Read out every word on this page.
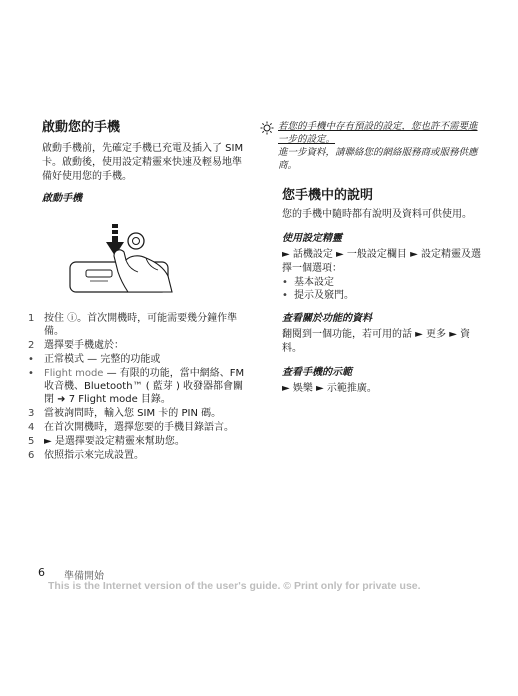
啟動您的手機
啟動手機前，先確定手機已充電及插入了 SIM 卡。啟動後，使用設定精靈來快速及輕易地準備好使用您的手機。
啟動手機
1 按住 ⓘ。首次開機時，可能需要幾分鐘作準備。
2 選擇要手機處於：
•	正常模式 — 完整的功能或
•	Flight mode — 有限的功能，當中網絡、FM 收音機、Bluetooth™ ( 藍芽 ) 收發器都會關閉 ➜ 7 Flight mode 目錄。
3 當被詢問時，輸入您 SIM 卡的 PIN 碼。
4 在首次開機時，選擇您要的手機目錄語言。
5 ► 是選擇要設定精靈來幫助您。
6 依照指示來完成設置。
若您的手機中存有預設的設定，您也許不需要進一步的設定。
進一步資料，請聯絡您的網絡服務商或服務供應商。
您手機中的說明
您的手機中隨時都有說明及資料可供使用。
使用設定精靈
► 話機設定 ► 一般設定欄目 ► 設定精靈及選擇一個選項：
• 基本設定
• 提示及竅門。
查看關於功能的資料
翻閱到一個功能，若可用的話 ► 更多 ► 資料。
查看手機的示範
► 娛樂 ► 示範推廣。
6 準備開始
This is the Internet version of the user's guide. © Print only for private use.
